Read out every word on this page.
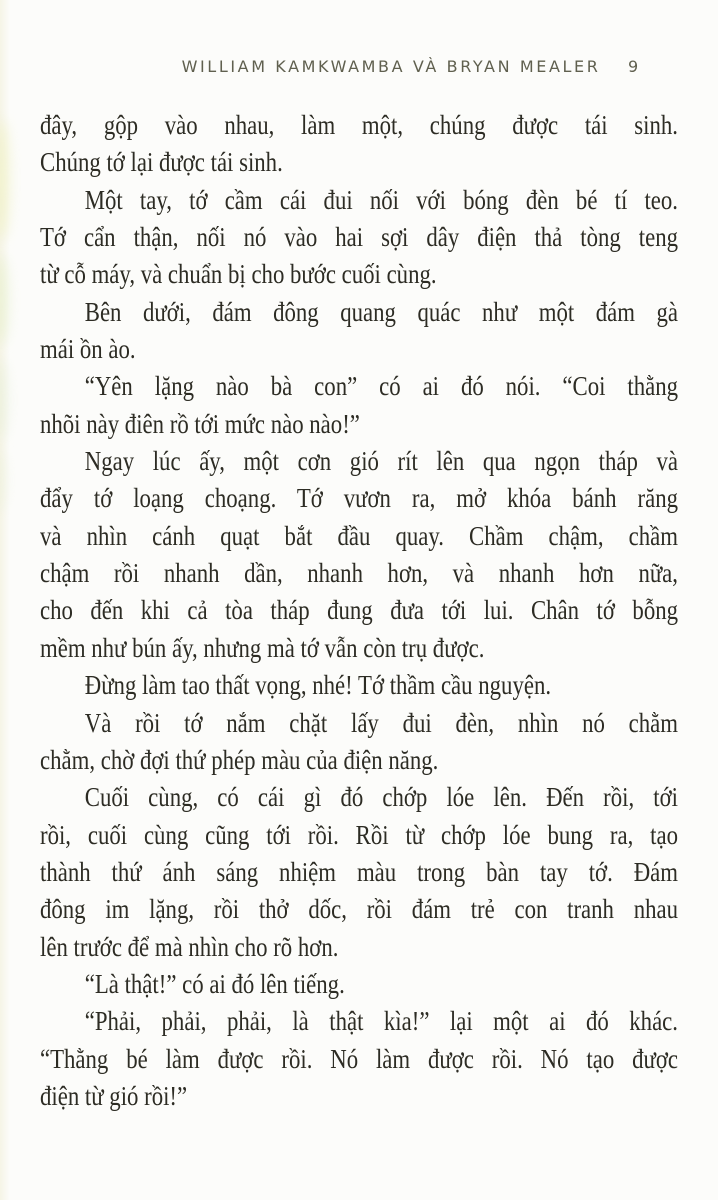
WILLIAM KAMKWAMBA VÀ BRYAN MEALER	9
đây, gộp vào nhau, làm một, chúng được tái sinh.
Chúng tớ lại được tái sinh.
Một tay, tớ cầm cái đui nối với bóng đèn bé tí teo.
Tớ cẩn thận, nối nó vào hai sợi dây điện thả tòng teng
từ cỗ máy, và chuẩn bị cho bước cuối cùng.
Bên dưới, đám đông quang quác như một đám gà
mái ồn ào.
“Yên lặng nào bà con” có ai đó nói. “Coi thằng
nhõi này điên rồ tới mức nào nào!”
Ngay lúc ấy, một cơn gió rít lên qua ngọn tháp và
đẩy tớ loạng choạng. Tớ vươn ra, mở khóa bánh răng
và nhìn cánh quạt bắt đầu quay. Chầm chậm, chầm
chậm rồi nhanh dần, nhanh hơn, và nhanh hơn nữa,
cho đến khi cả tòa tháp đung đưa tới lui. Chân tớ bỗng
mềm như bún ấy, nhưng mà tớ vẫn còn trụ được.
Đừng làm tao thất vọng, nhé! Tớ thầm cầu nguyện.
Và rồi tớ nắm chặt lấy đui đèn, nhìn nó chằm
chằm, chờ đợi thứ phép màu của điện năng.
Cuối cùng, có cái gì đó chớp lóe lên. Đến rồi, tới
rồi, cuối cùng cũng tới rồi. Rồi từ chớp lóe bung ra, tạo
thành thứ ánh sáng nhiệm màu trong bàn tay tớ. Đám
đông im lặng, rồi thở dốc, rồi đám trẻ con tranh nhau
lên trước để mà nhìn cho rõ hơn.
“Là thật!” có ai đó lên tiếng.
“Phải, phải, phải, là thật kìa!” lại một ai đó khác.
“Thằng bé làm được rồi. Nó làm được rồi. Nó tạo được
điện từ gió rồi!”
